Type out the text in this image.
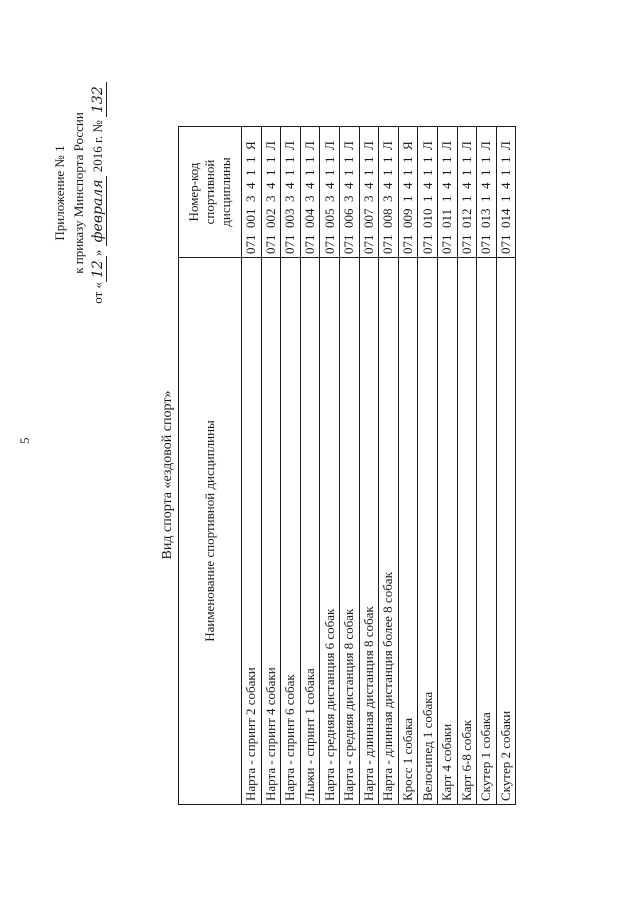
5
Приложение № 1 к приказу Минспорта России
от «12» февраля 2016 г. № 132
Вид спорта «ездовой спорт» Наименование спортивной дисциплины	Номер-код спортивной дисциплины
Нарта - спринт 2 собаки	0710013411Я
Нарта - спринт 4 собаки	0710023411Л
Нарта - спринт 6 собак	0710033411Л
Лыжи - спринт 1 собака	0710043411Л
Нарта - средняя дистанция 6 собак	0710053411Л
Нарта - средняя дистанция 8 собак	0710063411Л
Нарта - длинная дистанция 8 собак	0710073411Л
Нарта - длинная дистанция более 8 собак	0710083411Л
Кросс 1 собака	0710091411Я
Велосипед 1 собака	0710101411Л
Карт 4 собаки	0710111411Л
Карт 6-8 собак	0710121411Л
Скутер 1 собака	0710131411Л
Скутер 2 собаки	0710141411Л
